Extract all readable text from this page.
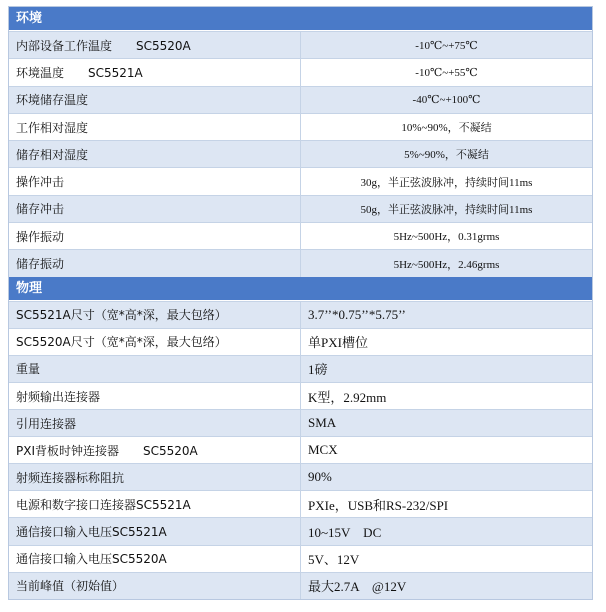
环境
内部设备工作温度　　SC5520A	-10℃~+75℃
环境温度　　SC5521A	-10℃~+55℃
环境储存温度	-40℃~+100℃
工作相对湿度	10%~90%，不凝结
储存相对湿度	5%~90%，不凝结
操作冲击	30g，半正弦波脉冲，持续时间11ms
储存冲击	50g，半正弦波脉冲，持续时间11ms
操作振动	5Hz~500Hz，0.31grms
储存振动	5Hz~500Hz，2.46grms
物理
SC5521A尺寸（宽*高*深，最大包络）	3.7’’*0.75’’*5.75’’
SC5520A尺寸（宽*高*深，最大包络）	单PXI槽位
重量	1磅
射频输出连接器	K型，2.92mm
引用连接器	SMA
PXI背板时钟连接器　　SC5520A	MCX
射频连接器标称阻抗	90%
电源和数字接口连接器SC5521A	PXIe，USB和RS-232/SPI
通信接口输入电压SC5521A	10~15V　DC
通信接口输入电压SC5520A	5V、12V
当前峰值（初始值）	最大2.7A　@12V
